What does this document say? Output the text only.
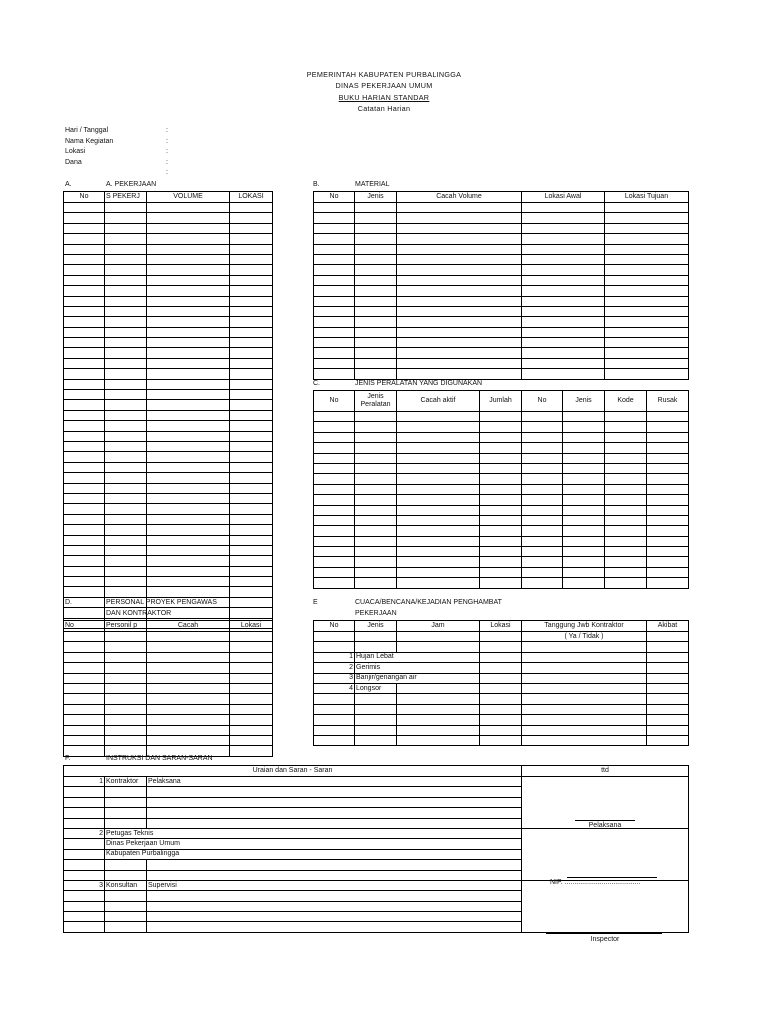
PEMERINTAH KABUPATEN PURBALINGGA
DINAS PEKERJAAN UMUM
BUKU HARIAN STANDAR
Catatan Harian
Hari / Tanggal	:
Nama Kegiatan	:
Lokasi	:
Dana	:
:
A.	A. PEKERJAAN
No	S PEKERJ	VOLUME	LOKASI

B.	MATERIAL
No	Jenis	Cacah Volume	Lokasi Awal	Lokasi Tujuan

C.	JENIS PERALATAN YANG DIGUNAKAN
No	Jenis Peralatan	Cacah aktif	Jumlah	No	Jenis	Kode	Rusak

D.	PERSONAL PROYEK PENGAWAS
DAN KONTRAKTOR
No	Personil p	Cacah	Lokasi

E	CUACA/BENCANA/KEJADIAN PENGHAMBAT
PEKERJAAN
No	Jenis	Jam	Lokasi	Tanggung Jwb Kontraktor	Akibat
				( Ya / Tidak )	

1	Hujan Lebat				
2	Gerimis				
3	Banjir/genangan air				
4	Longsor				

F.	INSTRUKSI DAN SARAN-SARAN
Uraian dan Saran - Saran			ttd
1	Kontraktor	Pelaksana	

2	Petugas Teknis		
	Dinas Pekerjaan Umum		
	Kabupaten Purbalingga		

3	Konsultan	Supervisi	

Pelaksana
NIP. .......................................
Inspector
